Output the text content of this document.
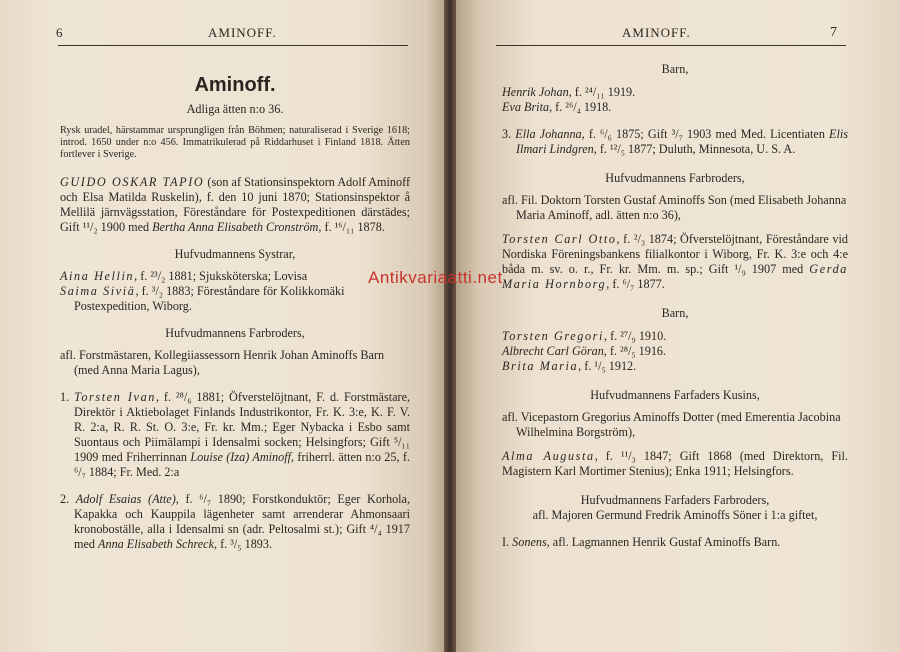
6	AMINOFF.

Aminoff.

Adliga ätten n:o 36.

Rysk uradel, härstammar ursprungligen från Böhmen; naturaliserad i Sverige 1618; introd. 1650 under n:o 456. Immatrikulerad på Riddarhuset i Finland 1818. Ätten fortlever i Sverige.

GUIDO OSKAR TAPIO (son af Stationsinspektorn Adolf Aminoff och Elsa Matilda Ruskelin), f. den 10 juni 1870; Stationsinspektor å Mellilä järnvägsstation, Föreståndare för Postexpeditionen därstädes; Gift ¹¹/₂ 1900 med Bertha Anna Elisabeth Cronström, f. ¹⁶/₁₁ 1878.

Hufvudmannens Systrar,

Aina Hellin, f. ²³/₂ 1881; Sjuksköterska; Lovisa

Saima Siviä, f. ³/₂ 1883; Föreståndare för Kolikkomäki Postexpedition, Wiborg.

Hufvudmannens Farbroders,

afl. Forstmästaren, Kollegiiassessorn Henrik Johan Aminoffs Barn (med Anna Maria Lagus),

1. Torsten Ivan, f. ²⁸/₆ 1881; Öfverstelöjtnant, F. d. Forstmästare, Direktör i Aktiebolaget Finlands Industrikontor, Fr. K. 3:e, K. F. V. R. 2:a, R. R. St. O. 3:e, Fr. kr. Mm.; Eger Nybacka i Esbo samt Suontaus och Piimälampi i Idensalmi socken; Helsingfors; Gift ⁵/₁₁ 1909 med Friherrinnan Louise (Iza) Aminoff, friherrl. ätten n:o 25, f. ⁶/₇ 1884; Fr. Med. 2:a

2. Adolf Esaias (Atte), f. ⁶/₇ 1890; Forstkonduktör; Eger Korhola, Kapakka och Kauppila lägenheter samt arrenderar Ahmonsaari kronoboställe, alla i Idensalmi sn (adr. Peltosalmi st.); Gift ⁴/₄ 1917 med Anna Elisabeth Schreck, f. ³/₅ 1893.

AMINOFF.	7

Barn,

Henrik Johan, f. ²⁴/₁₁ 1919.

Eva Brita, f. ²⁶/₄ 1918.

3. Ella Johanna, f. ⁶/₆ 1875; Gift ³/₇ 1903 med Med. Licentiaten Elis Ilmari Lindgren, f. ¹²/₅ 1877; Duluth, Minnesota, U. S. A.

Hufvudmannens Farbroders,

afl. Fil. Doktorn Torsten Gustaf Aminoffs Son (med Elisabeth Johanna Maria Aminoff, adl. ätten n:o 36),

Torsten Carl Otto, f. ²/₃ 1874; Öfverstelöjtnant, Föreståndare vid Nordiska Föreningsbankens filialkontor i Wiborg, Fr. K. 3:e och 4:e båda m. sv. o. r., Fr. kr. Mm. m. sp.; Gift ¹/₉ 1907 med Gerda Maria Hornborg, f. ⁶/₇ 1877.

Barn,

Torsten Gregori, f. ²⁷/₉ 1910.

Albrecht Carl Göran, f. ²⁸/₅ 1916.

Brita Maria, f. ¹/₅ 1912.

Hufvudmannens Farfaders Kusins,

afl. Vicepastorn Gregorius Aminoffs Dotter (med Emerentia Jacobina Wilhelmina Borgström),

Alma Augusta, f. ¹¹/₃ 1847; Gift 1868 (med Direktorn, Fil. Magistern Karl Mortimer Stenius); Enka 1911; Helsingfors.

Hufvudmannens Farfaders Farbroders,

afl. Majoren Germund Fredrik Aminoffs Söner i 1:a giftet,

I. Sonens, afl. Lagmannen Henrik Gustaf Aminoffs Barn.

Antikvariaatti.net
